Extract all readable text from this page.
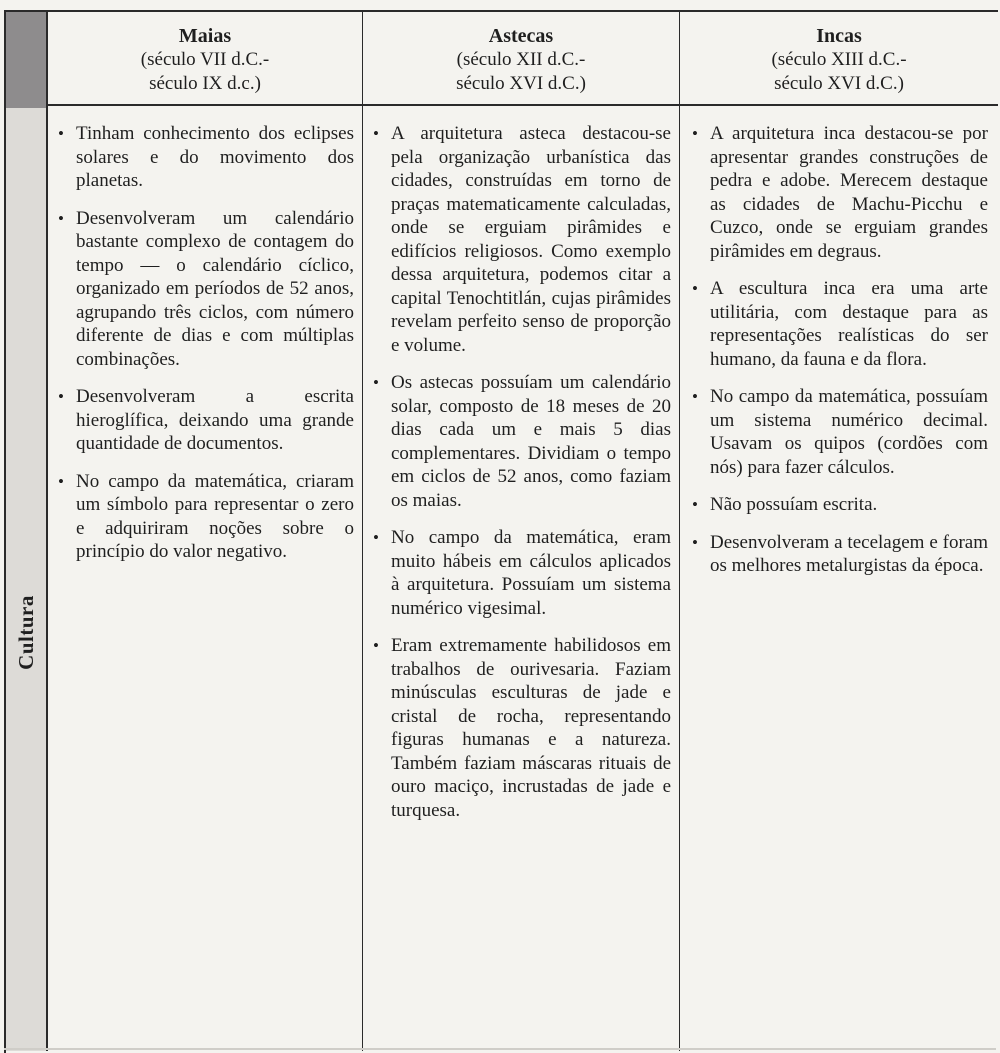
Cultura
Maias
(século VII d.C.-
século IX d.c.)
Astecas
(século XII d.C.-
século XVI d.C.)
Incas
(século XIII d.C.-
século XVI d.C.)
• Tinham conhecimento dos eclipses solares e do movimento dos planetas.
• Desenvolveram um calendário bastante complexo de contagem do tempo — o calendário cíclico, organizado em períodos de 52 anos, agrupando três ciclos, com número diferente de dias e com múltiplas combinações.
• Desenvolveram a escrita hieroglífica, deixando uma grande quantidade de documentos.
• No campo da matemática, criaram um símbolo para representar o zero e adquiriram noções sobre o princípio do valor negativo.
• A arquitetura asteca destacou-se pela organização urbanística das cidades, construídas em torno de praças matematicamente calculadas, onde se erguiam pirâmides e edifícios religiosos. Como exemplo dessa arquitetura, podemos citar a capital Tenochtitlán, cujas pirâmides revelam perfeito senso de proporção e volume.
• Os astecas possuíam um calendário solar, composto de 18 meses de 20 dias cada um e mais 5 dias complementares. Dividiam o tempo em ciclos de 52 anos, como faziam os maias.
• No campo da matemática, eram muito hábeis em cálculos aplicados à arquitetura. Possuíam um sistema numérico vigesimal.
• Eram extremamente habilidosos em trabalhos de ourivesaria. Faziam minúsculas esculturas de jade e cristal de rocha, representando figuras humanas e a natureza. Também faziam máscaras rituais de ouro maciço, incrustadas de jade e turquesa.
• A arquitetura inca destacou-se por apresentar grandes construções de pedra e adobe. Merecem destaque as cidades de Machu-Picchu e Cuzco, onde se erguiam grandes pirâmides em degraus.
• A escultura inca era uma arte utilitária, com destaque para as representações realísticas do ser humano, da fauna e da flora.
• No campo da matemática, possuíam um sistema numérico decimal. Usavam os quipos (cordões com nós) para fazer cálculos.
• Não possuíam escrita.
• Desenvolveram a tecelagem e foram os melhores metalurgistas da época.
